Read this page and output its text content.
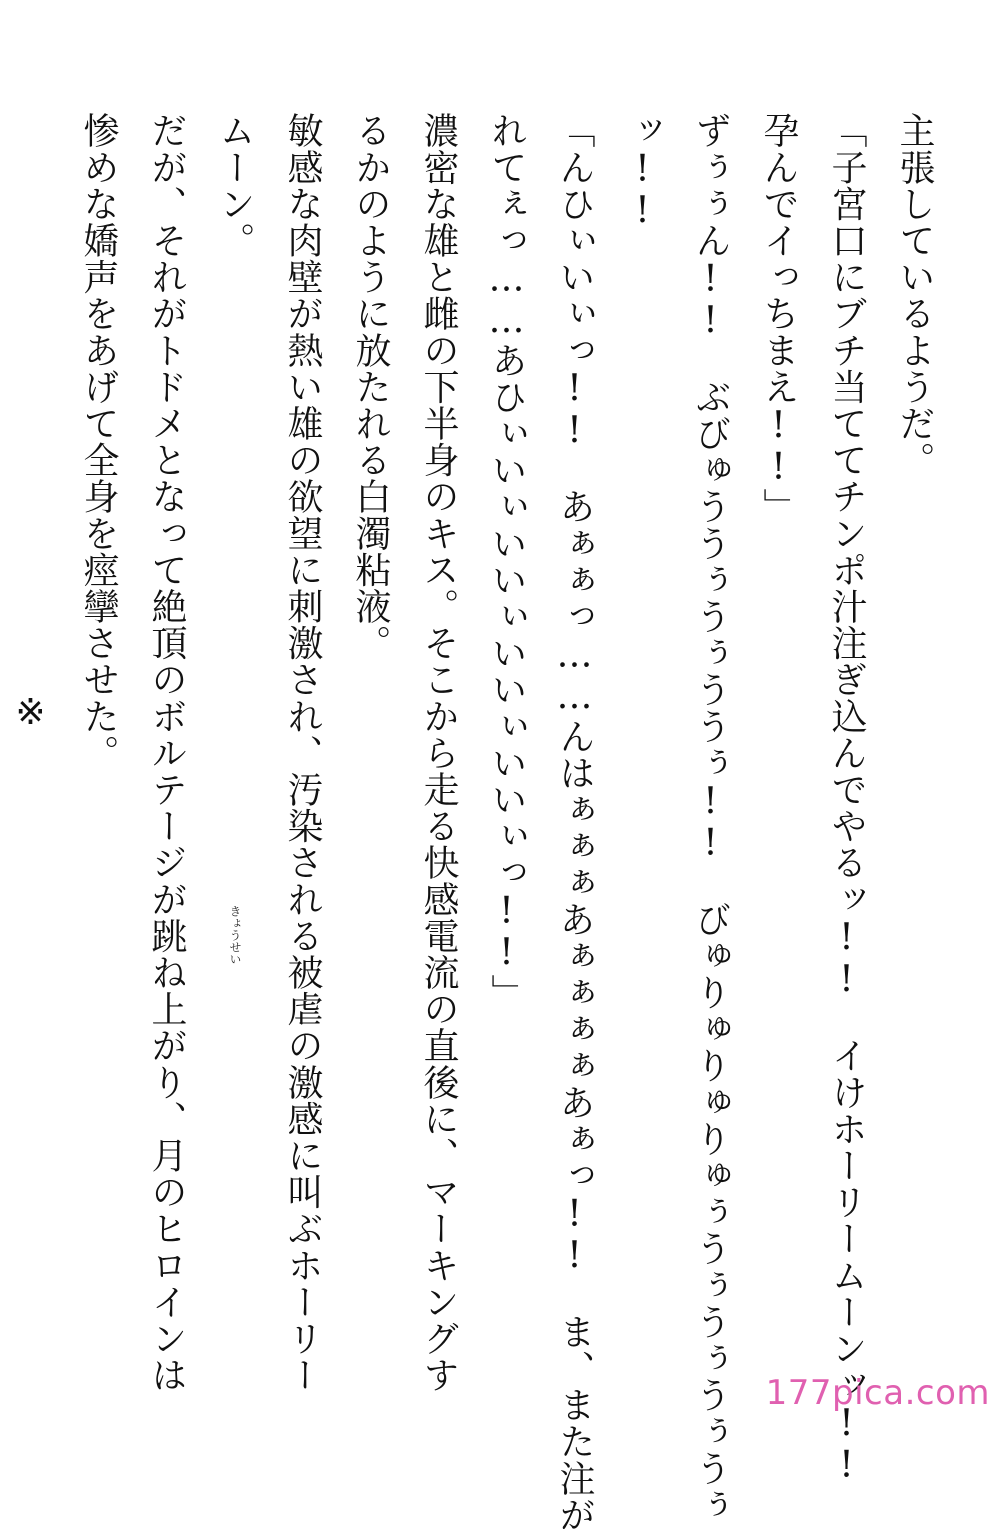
主張しているようだ。
「子宮口にブチ当ててチンポ汁注ぎ込んでやるッ!!　イけホーリームーンッ!!
孕んでイっちまえ!!」
ずぅぅん!!　ぶびゅううぅうぅううぅ!!　びゅりゅりゅりゅぅうぅうぅうぅうぅ
ッ!!
「んひぃいぃっ!!　あぁぁっ……んはぁぁぁあぁぁぁぁあぁっ!!　ま、また注が
れてぇっ……あひぃいぃいいぃいいぃいいぃっ!!」
濃密な雄と雌の下半身のキス。そこから走る快感電流の直後に、マーキングす
るかのように放たれる白濁粘液。
敏感な肉壁が熱い雄の欲望に刺激され、汚染される被虐の激感に叫ぶホーリー
ムーン。
だが、それがトドメとなって絶頂のボルテージが跳ね上がり、月のヒロインは
惨めな嬌声をあげて全身を痙攣させた。
※
きょうせい
177pica.com
